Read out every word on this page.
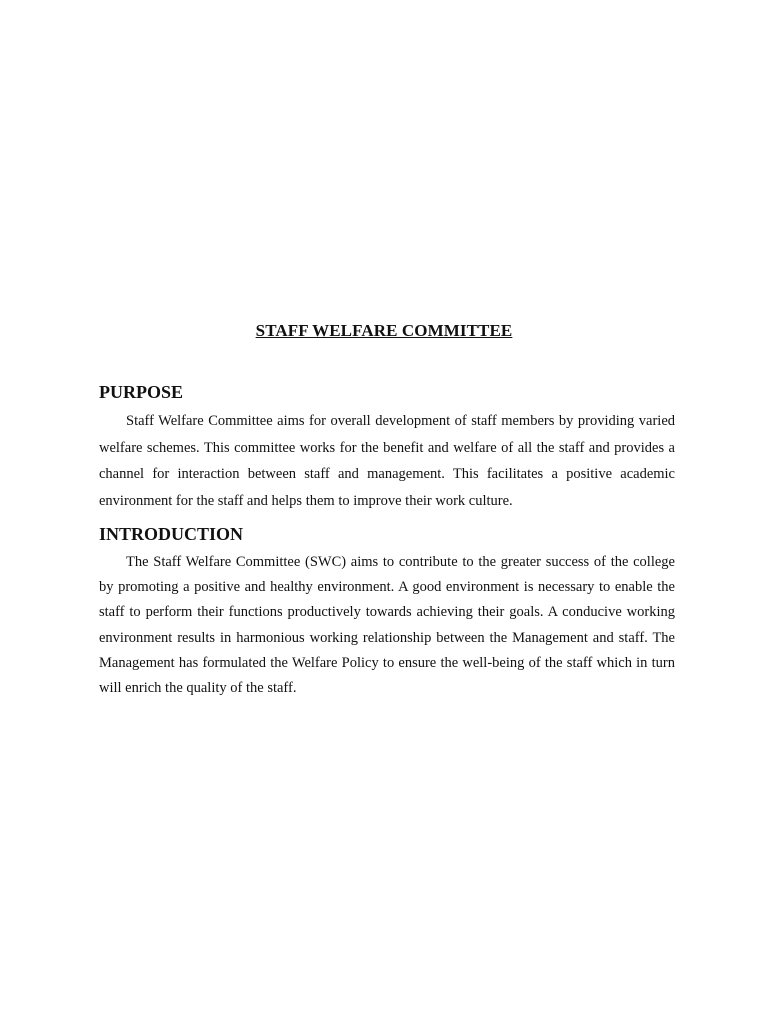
STAFF WELFARE COMMITTEE
PURPOSE

Staff Welfare Committee aims for overall development of staff members by providing varied welfare schemes. This committee works for the benefit and welfare of all the staff and provides a channel for interaction between staff and management. This facilitates a positive academic environment for the staff and helps them to improve their work culture.

INTRODUCTION

The Staff Welfare Committee (SWC) aims to contribute to the greater success of the college by promoting a positive and healthy environment. A good environment is necessary to enable the staff to perform their functions productively towards achieving their goals. A conducive working environment results in harmonious working relationship between the Management and staff. The Management has formulated the Welfare Policy to ensure the well-being of the staff which in turn will enrich the quality of the staff.
